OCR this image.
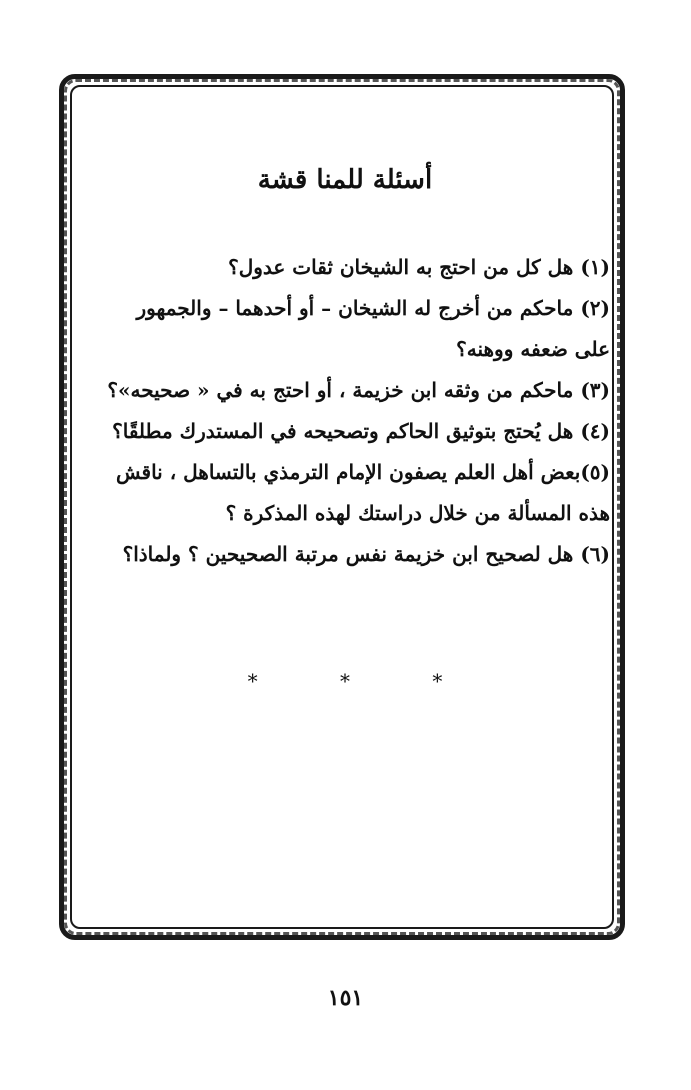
أسئلة للمنا قشة
(١) هل كل من احتج به الشيخان ثقات عدول؟
(٢) ماحكم من أخرج له الشيخان – أو أحدهما – والجمهور
على ضعفه ووهنه؟
(٣) ماحكم من وثقه ابن خزيمة ، أو احتج به في « صحيحه»؟
(٤) هل يُحتج بتوثيق الحاكم وتصحيحه في المستدرك مطلقًا؟
(٥)بعض أهل العلم يصفون الإمام الترمذي بالتساهل ، ناقش
هذه المسألة من خلال دراستك لهذه المذكرة ؟
(٦) هل لصحيح ابن خزيمة نفس مرتبة الصحيحين ؟ ولماذا؟
*	*	*
١٥١
